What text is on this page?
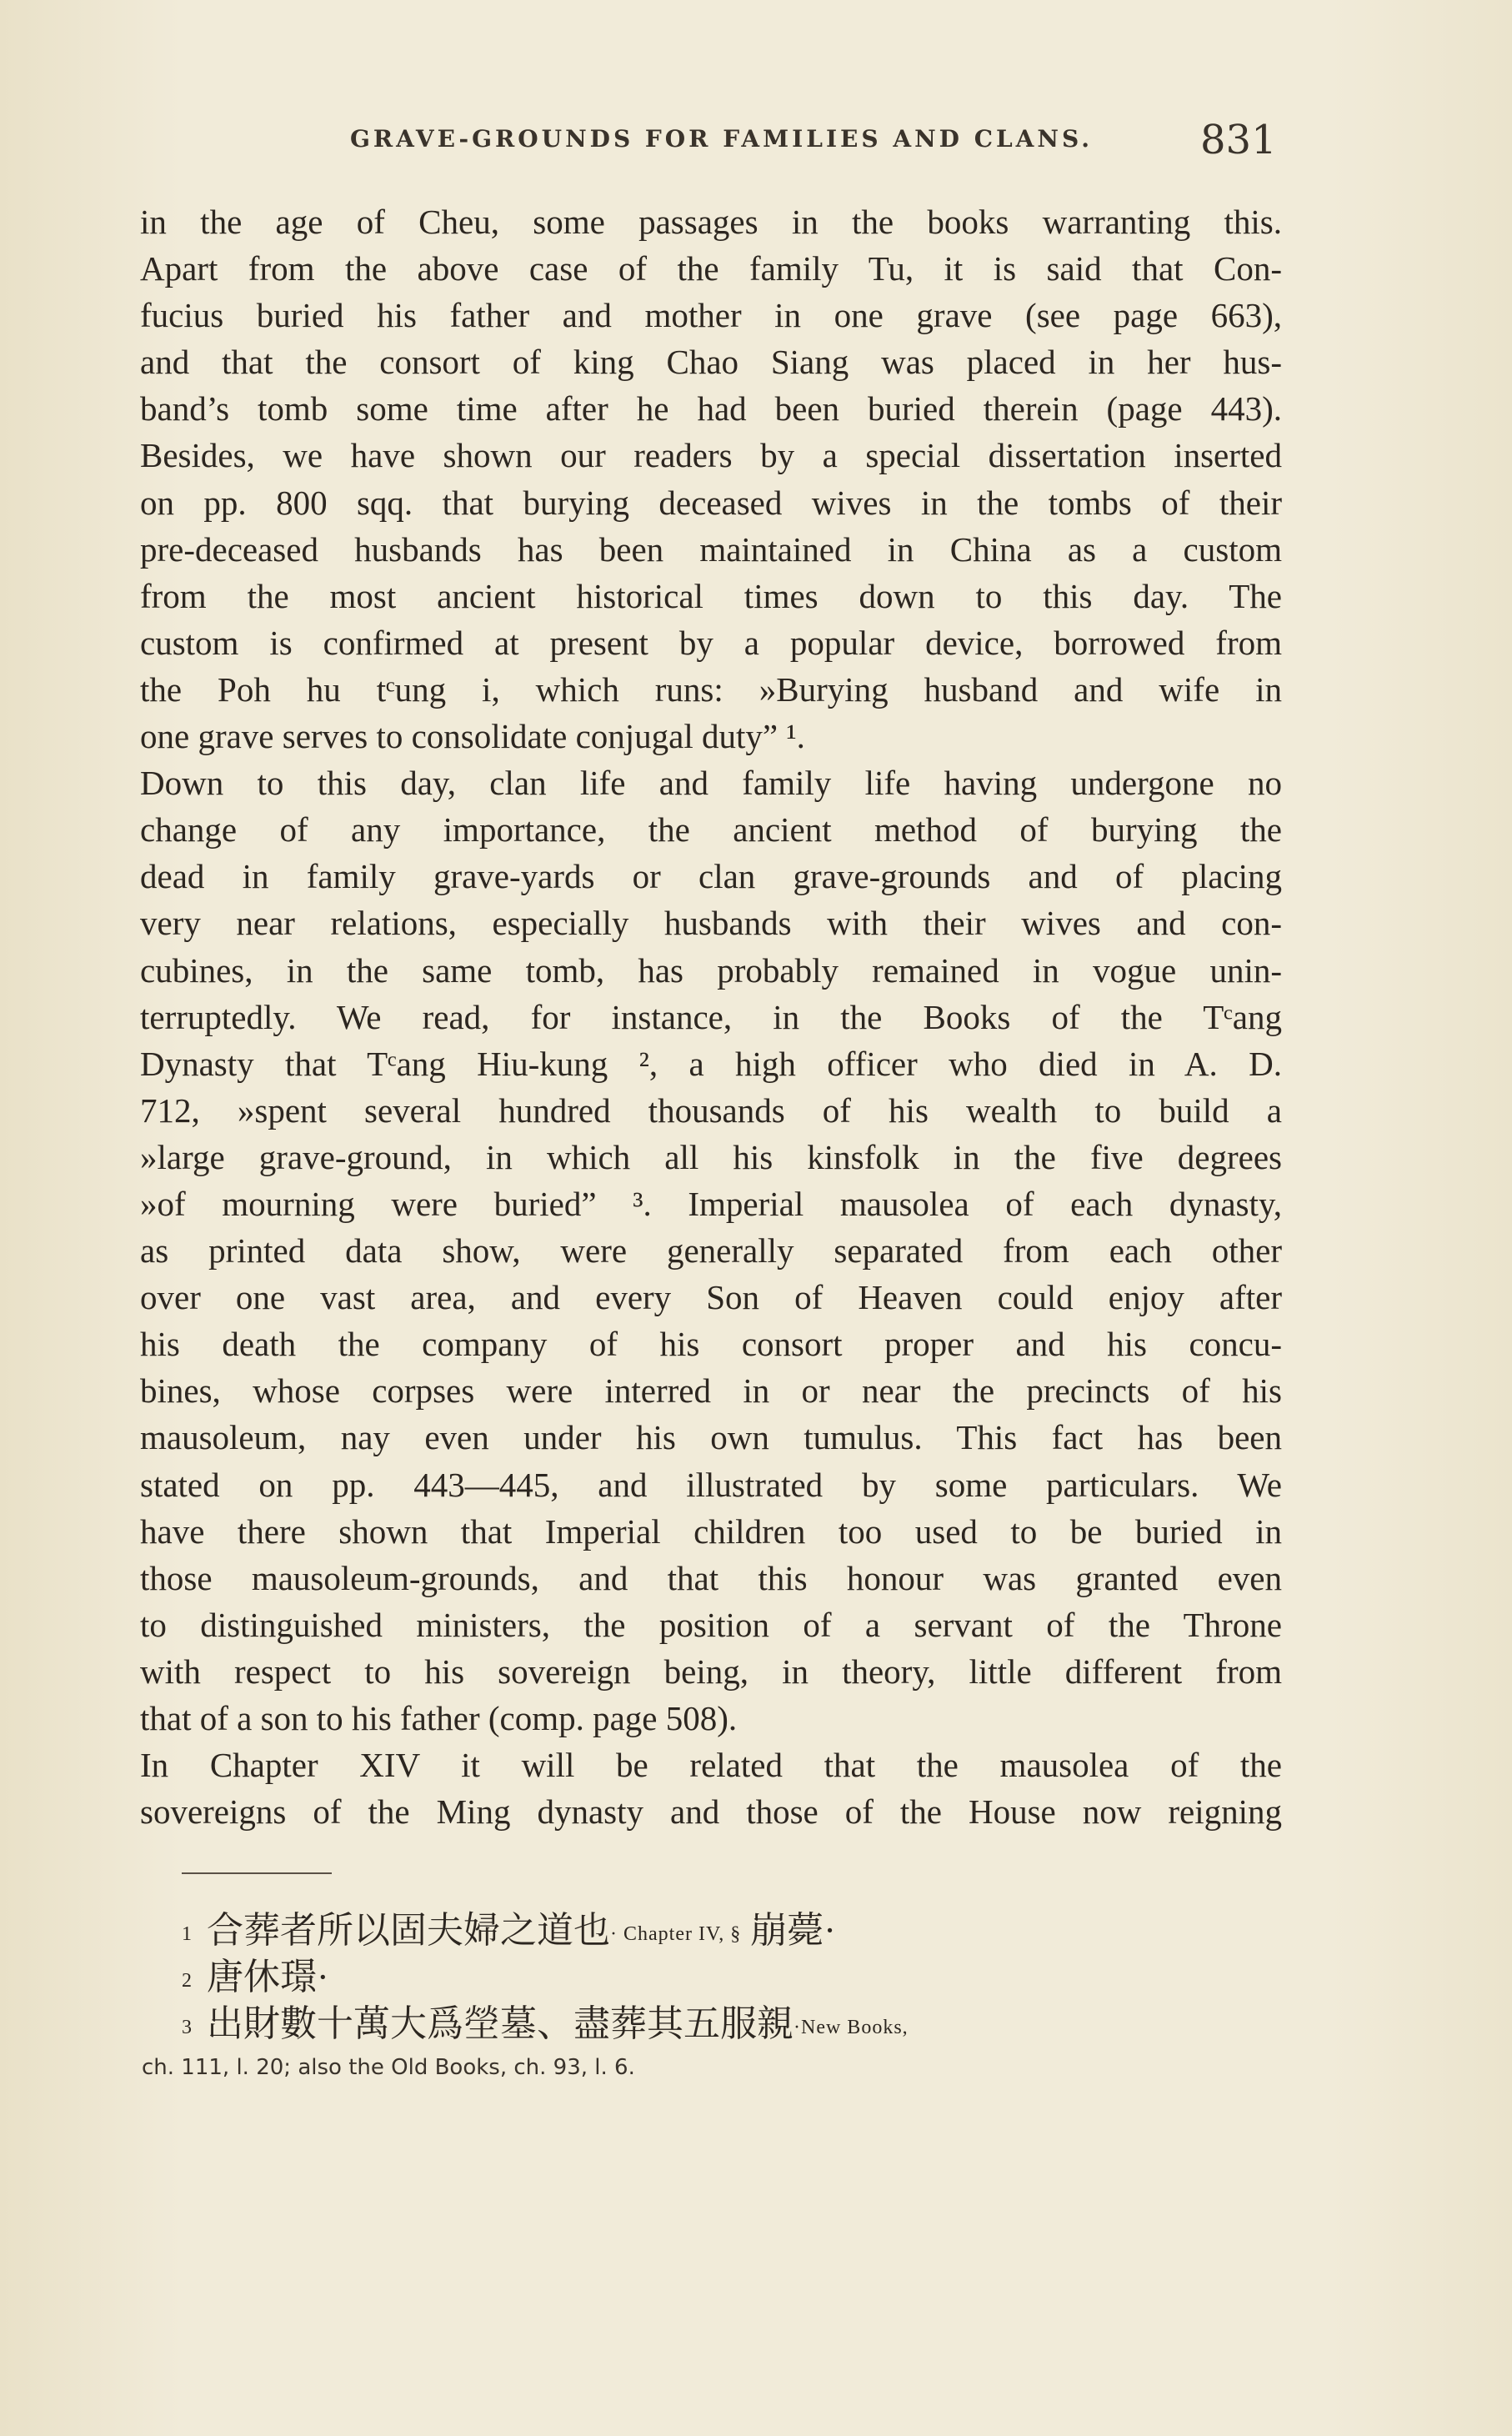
GRAVE-GROUNDS FOR FAMILIES AND CLANS.	831
in the age of Cheu, some passages in the books warranting this.
Apart from the above case of the family Tu, it is said that Con-
fucius buried his father and mother in one grave (see page 663),
and that the consort of king Chao Siang was placed in her hus-
band’s tomb some time after he had been buried therein (page 443).
Besides, we have shown our readers by a special dissertation inserted
on pp. 800 sqq. that burying deceased wives in the tombs of their
pre-deceased husbands has been maintained in China as a custom
from the most ancient historical times down to this day. The
custom is confirmed at present by a popular device, borrowed from
the Poh hu tᶜung i, which runs: »Burying husband and wife in
one grave serves to consolidate conjugal duty” ¹.
Down to this day, clan life and family life having undergone no
change of any importance, the ancient method of burying the
dead in family grave-yards or clan grave-grounds and of placing
very near relations, especially husbands with their wives and con-
cubines, in the same tomb, has probably remained in vogue unin-
terruptedly. We read, for instance, in the Books of the Tᶜang
Dynasty that Tᶜang Hiu-kung ², a high officer who died in A. D.
712, »spent several hundred thousands of his wealth to build a
»large grave-ground, in which all his kinsfolk in the five degrees
»of mourning were buried” ³. Imperial mausolea of each dynasty,
as printed data show, were generally separated from each other
over one vast area, and every Son of Heaven could enjoy after
his death the company of his consort proper and his concu-
bines, whose corpses were interred in or near the precincts of his
mausoleum, nay even under his own tumulus. This fact has been
stated on pp. 443—445, and illustrated by some particulars. We
have there shown that Imperial children too used to be buried in
those mausoleum-grounds, and that this honour was granted even
to distinguished ministers, the position of a servant of the Throne
with respect to his sovereign being, in theory, little different from
that of a son to his father (comp. page 508).
In Chapter XIV it will be related that the mausolea of the
sovereigns of the Ming dynasty and those of the House now reigning
1 合葬者所以固夫婦之道也· Chapter IV, § 崩薨·
2 唐休璟·
3 出財數十萬大爲塋墓、盡葬其五服親·New Books,
ch. 111, l. 20; also the Old Books, ch. 93, l. 6.
